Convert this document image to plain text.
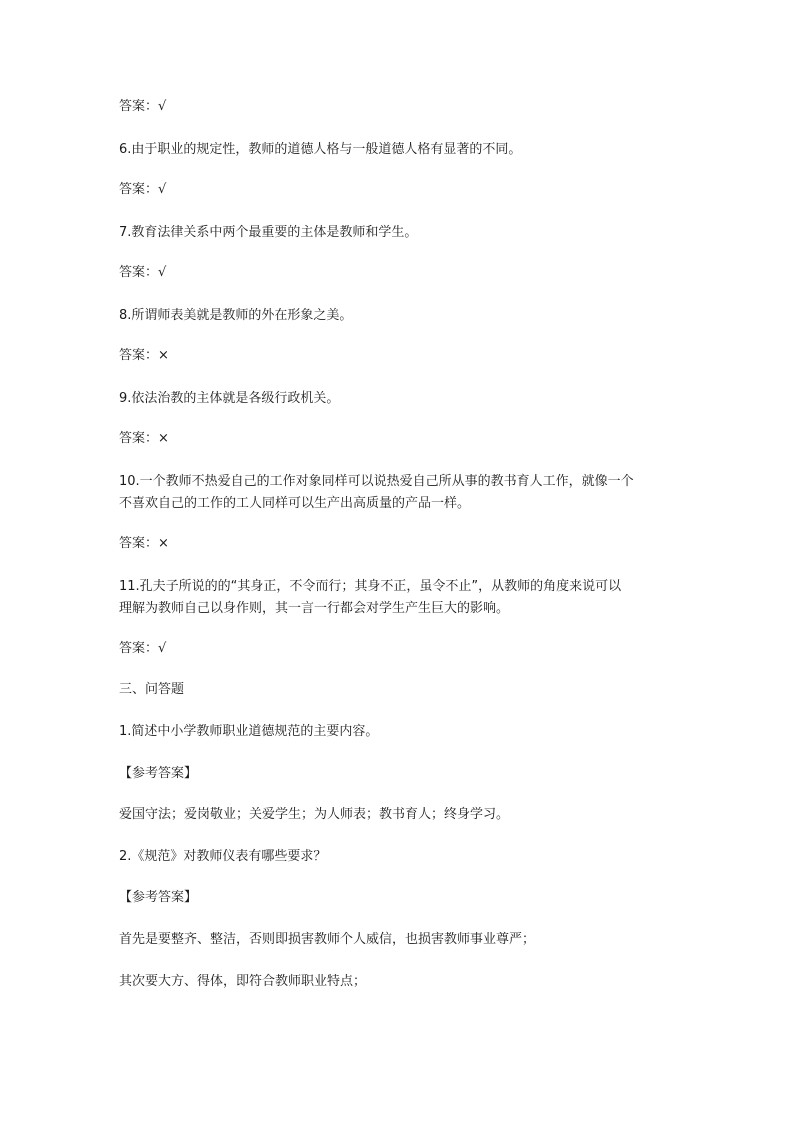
答案：√
6.由于职业的规定性，教师的道德人格与一般道德人格有显著的不同。
答案：√
7.教育法律关系中两个最重要的主体是教师和学生。
答案：√
8.所谓师表美就是教师的外在形象之美。
答案：×
9.依法治教的主体就是各级行政机关。
答案：×
10.一个教师不热爱自己的工作对象同样可以说热爱自己所从事的教书育人工作，就像一个
不喜欢自己的工作的工人同样可以生产出高质量的产品一样。
答案：×
11.孔夫子所说的的“其身正，不令而行；其身不正，虽令不止”，从教师的角度来说可以
理解为教师自己以身作则，其一言一行都会对学生产生巨大的影响。
答案：√
三、问答题
1.简述中小学教师职业道德规范的主要内容。
【参考答案】
爱国守法；爱岗敬业；关爱学生；为人师表；教书育人；终身学习。
2.《规范》对教师仪表有哪些要求？
【参考答案】
首先是要整齐、整洁，否则即损害教师个人威信，也损害教师事业尊严；
其次要大方、得体，即符合教师职业特点；
